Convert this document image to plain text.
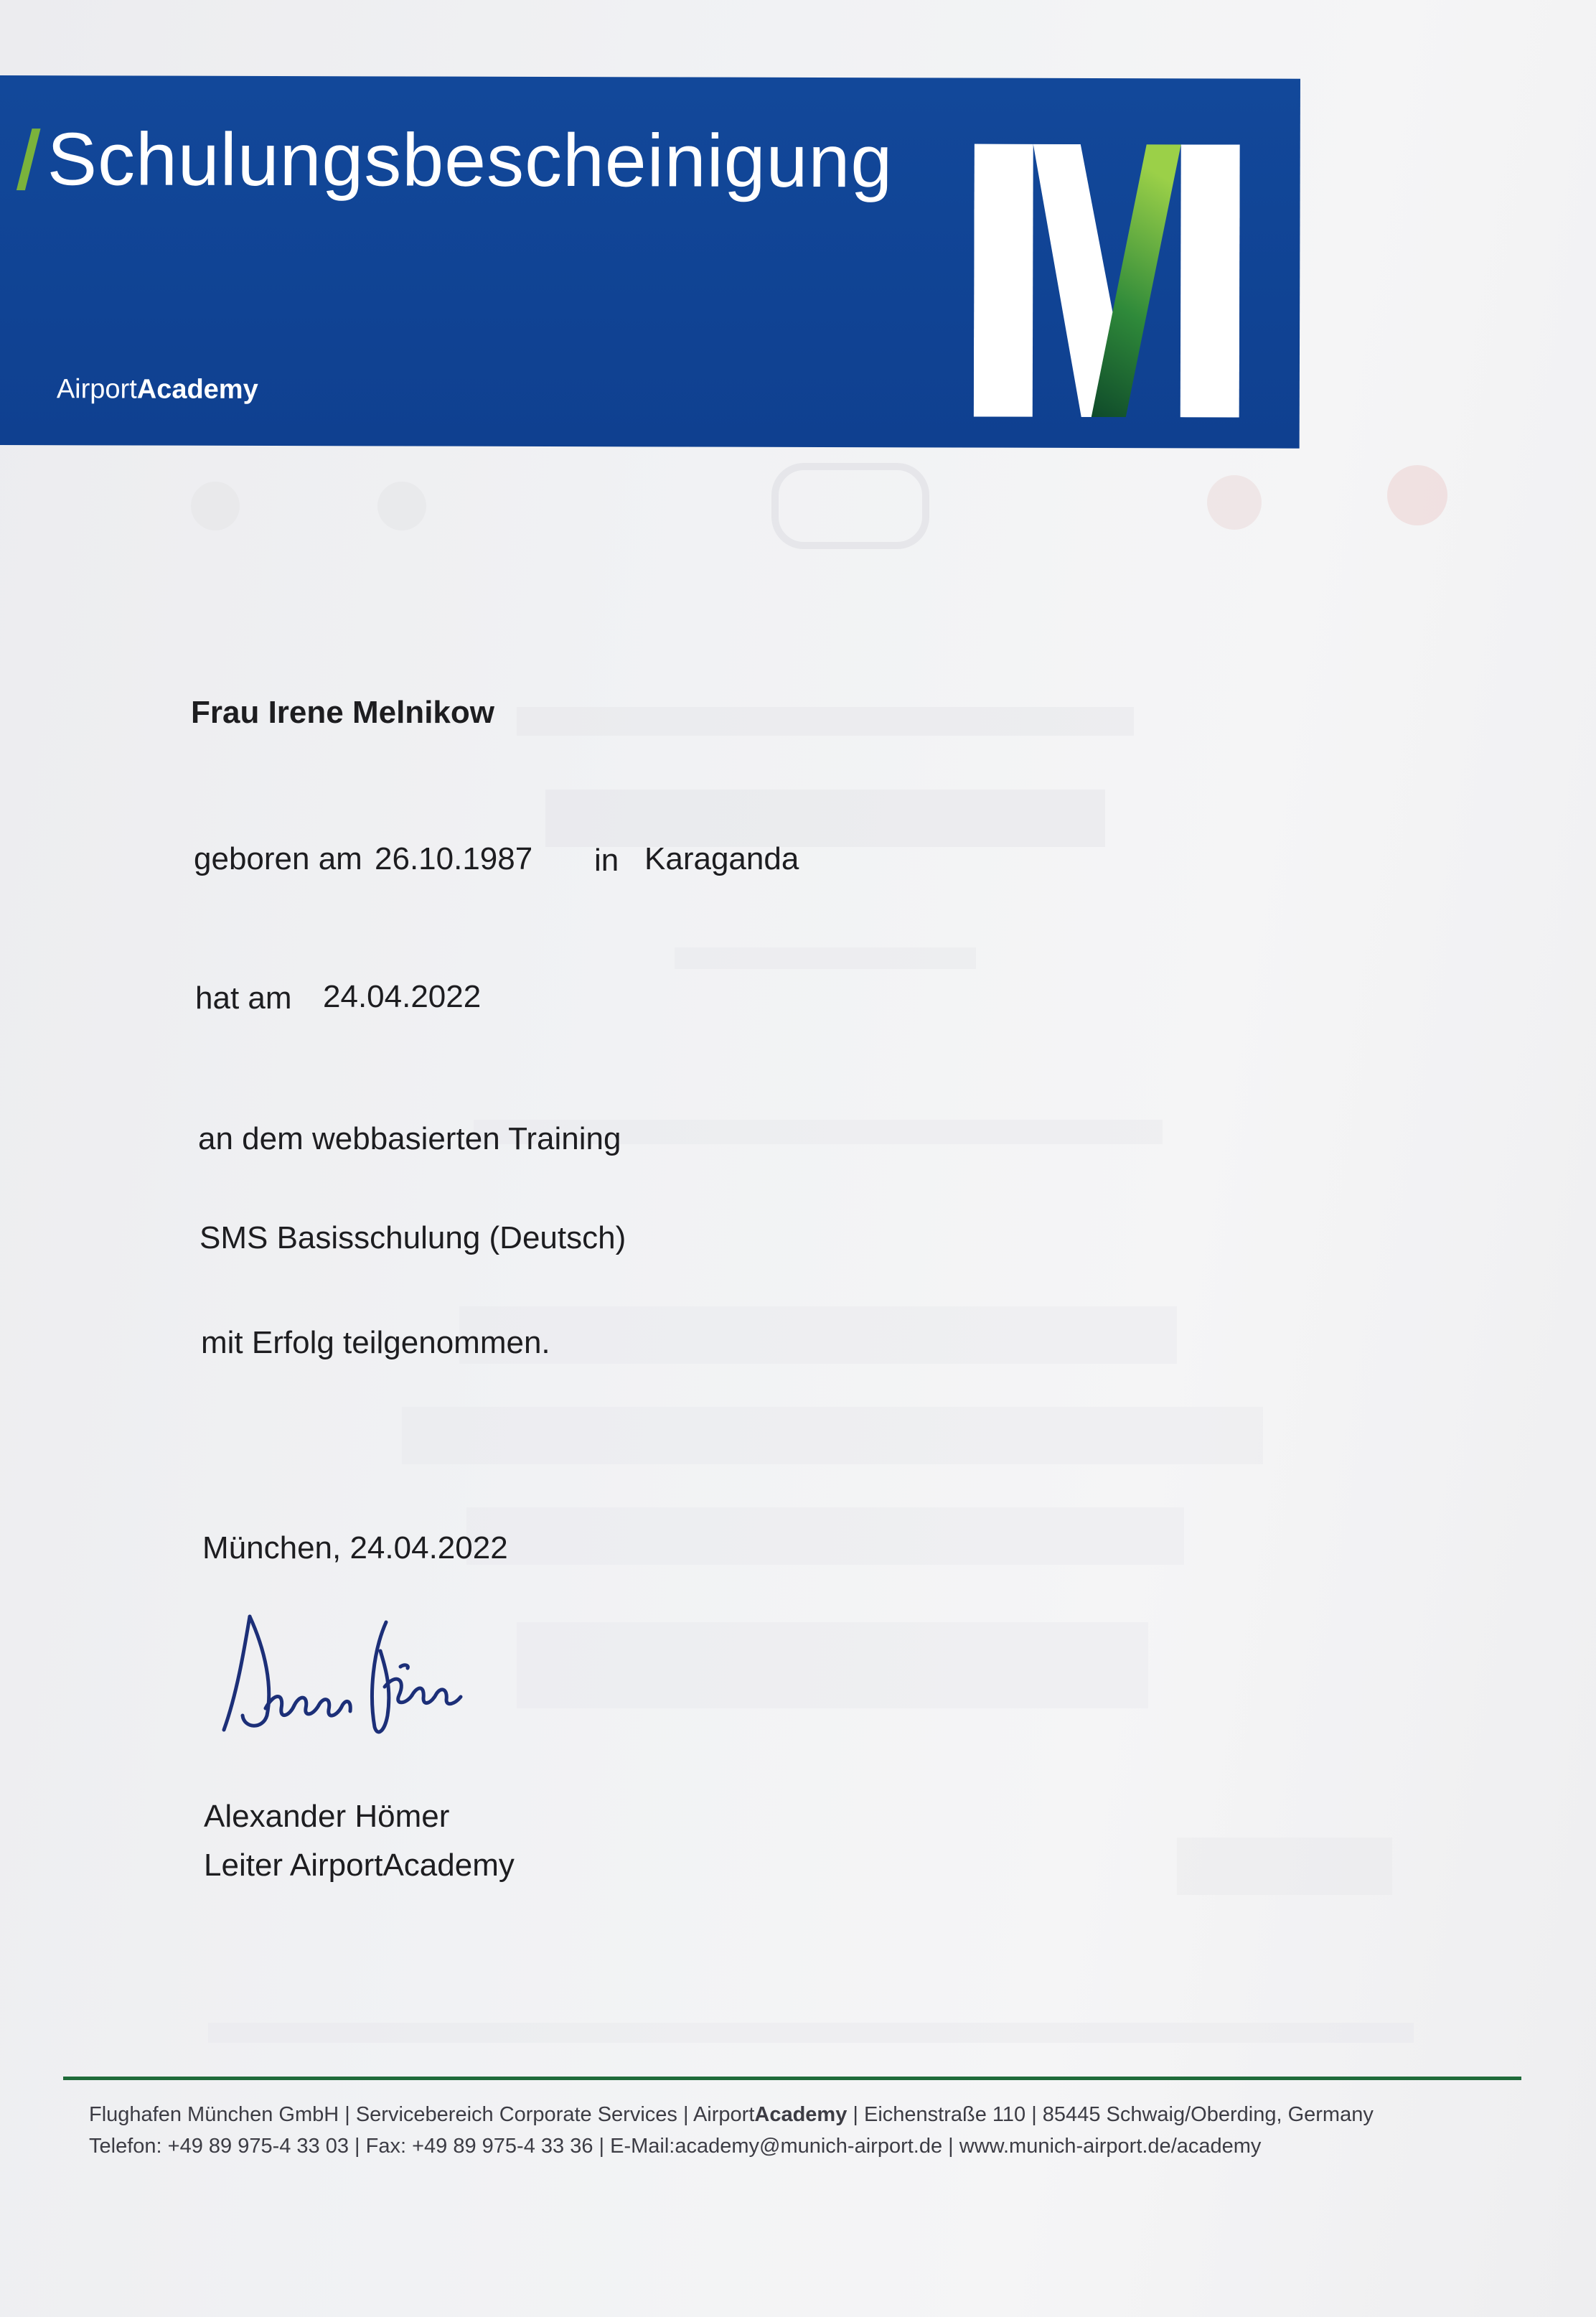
Schulungsbescheinigung
AirportAcademy
Frau Irene Melnikow
geboren am 26.10.1987 in Karaganda
hat am 24.04.2022
an dem webbasierten Training
SMS Basisschulung (Deutsch)
mit Erfolg teilgenommen.
München, 24.04.2022
Alexander Hömer
Leiter AirportAcademy
Flughafen München GmbH | Servicebereich Corporate Services | AirportAcademy | Eichenstraße 110 | 85445 Schwaig/Oberding, Germany
Telefon: +49 89 975-4 33 03 | Fax: +49 89 975-4 33 36 | E-Mail:academy@munich-airport.de | www.munich-airport.de/academy
